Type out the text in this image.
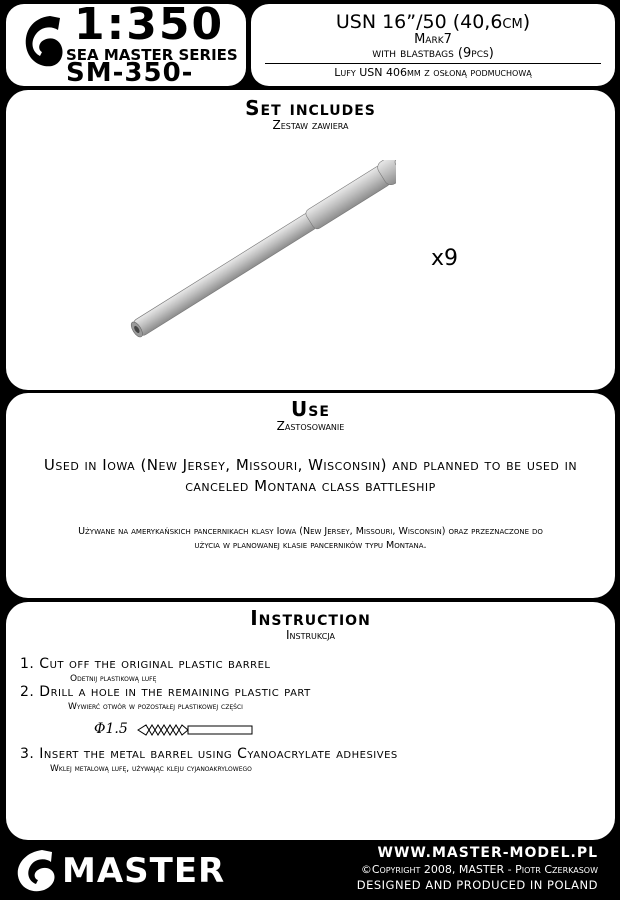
1:350
SEA MASTER SERIES
SM-350-
USN 16”/50 (40,6cm)
Mark7
with blastbags (9pcs)
Lufy USN 406mm z osłoną podmuchową
Set includes
Zestaw zawiera
x9
Use
Zastosowanie
Used in Iowa (New Jersey, Missouri, Wisconsin) and planned to be used in canceled Montana class battleship
Używane na amerykańskich pancernikach klasy Iowa (New Jersey, Missouri, Wisconsin) oraz przeznaczone do użycia w planowanej klasie pancerników typu Montana.
Instruction
Instrukcja
1. Cut off the original plastic barrel
Odetnij plastikową lufę
2. Drill a hole in the remaining plastic part
Wywierć otwór w pozostałej plastikowej części
Φ1.5
3. Insert the metal barrel using Cyanoacrylate adhesives
Wklej metalową lufę, używając kleju cyjanoakrylowego
MASTER	WWW.MASTER-MODEL.PL
©Copyright 2008, MASTER - Piotr Czerkasow
DESIGNED AND PRODUCED IN POLAND
